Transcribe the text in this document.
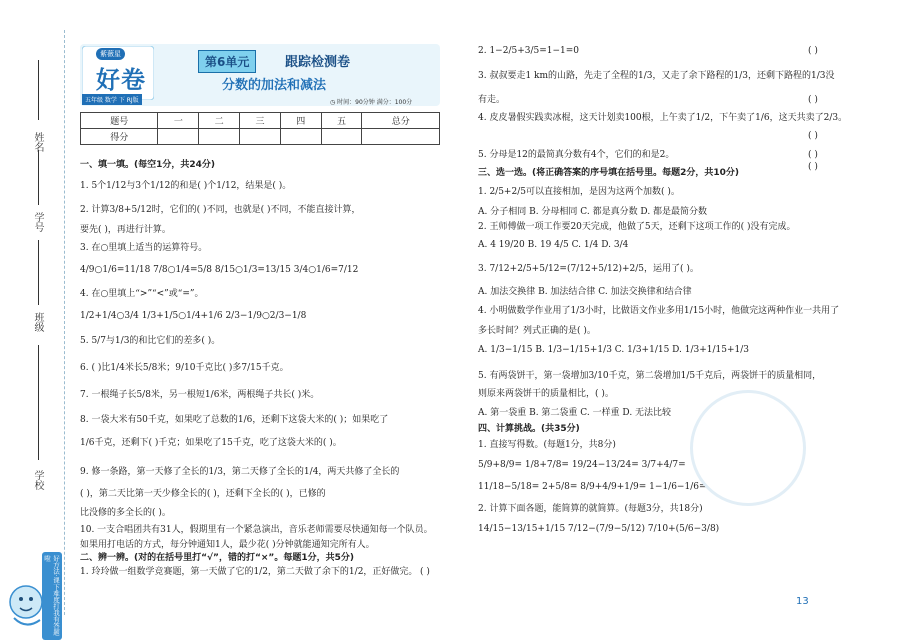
姓名
学号
班级
学校
好方法·课下难度打我有答题啦
紫薇星
好卷
五年级 数学 下 RJ版
第6单元	跟踪检测卷
分数的加法和减法
◷ 时间：90分钟 满分：100分
题号	一	二	三	四	五	总分
得分						
一、填一填。(每空1分，共24分)
1. 5个1/12与3个1/12的和是( )个1/12，结果是( )。
2. 计算3/8+5/12时，它们的( )不同，也就是( )不同，不能直接计算，
要先( )，再进行计算。
3. 在○里填上适当的运算符号。
4/9○1/6=11/18 7/8○1/4=5/8 8/15○1/3=13/15 3/4○1/6=7/12
4. 在○里填上“>”“<”或“=”。
1/2+1/4○3/4 1/3+1/5○1/4+1/6 2/3−1/9○2/3−1/8
5. 5/7与1/3的和比它们的差多( )。
6. ( )比1/4米长5/8米；9/10千克比( )多7/15千克。
7. 一根绳子长5/8米，另一根短1/6米，两根绳子共长( )米。
8. 一袋大米有50千克，如果吃了总数的1/6，还剩下这袋大米的( )；如果吃了
1/6千克，还剩下( )千克；如果吃了15千克，吃了这袋大米的( )。
9. 修一条路，第一天修了全长的1/3，第二天修了全长的1/4，两天共修了全长的
( )，第二天比第一天少修全长的( )，还剩下全长的( )，已修的
比没修的多全长的( )。
10. 一支合唱团共有31人，假期里有一个紧急演出，音乐老师需要尽快通知每一个队员。
如果用打电话的方式，每分钟通知1人，最少花( )分钟就能通知完所有人。
二、辨一辨。(对的在括号里打“√”，错的打“×”。每题1分，共5分)
1. 玲玲做一组数学竞赛题，第一天做了它的1/2，第二天做了余下的1/2，正好做完。 ( )
2. 1−2/5+3/5=1−1=0
3. 叔叔要走1 km的山路，先走了全程的1/3，又走了余下路程的1/3，还剩下路程的1/3没
有走。
4. 皮皮暑假实践卖冰棍，这天计划卖100根，上午卖了1/2，下午卖了1/6，这天共卖了2/3。
5. 分母是12的最简真分数有4个，它们的和是2。
三、选一选。(将正确答案的序号填在括号里。每题2分，共10分)
1. 2/5+2/5可以直接相加，是因为这两个加数( )。
A. 分子相同 B. 分母相同 C. 都是真分数 D. 都是最简分数
2. 王师傅做一项工作要20天完成，他做了5天，还剩下这项工作的( )没有完成。
A. 4 19/20 B. 19 4/5 C. 1/4 D. 3/4
3. 7/12+2/5+5/12=(7/12+5/12)+2/5，运用了( )。
A. 加法交换律 B. 加法结合律 C. 加法交换律和结合律
4. 小明做数学作业用了1/3小时，比做语文作业多用1/15小时，他做完这两种作业一共用了
多长时间？列式正确的是( )。
A. 1/3−1/15 B. 1/3−1/15+1/3 C. 1/3+1/15 D. 1/3+1/15+1/3
5. 有两袋饼干，第一袋增加3/10千克，第二袋增加1/5千克后，两袋饼干的质量相同，
则原来两袋饼干的质量相比，( )。
A. 第一袋重 B. 第二袋重 C. 一样重 D. 无法比较
四、计算挑战。(共35分)
1. 直接写得数。(每题1分，共8分)
5/9+8/9= 1/8+7/8= 19/24−13/24= 3/7+4/7=
11/18−5/18= 2+5/8= 8/9+4/9+1/9= 1−1/6−1/6=
2. 计算下面各题，能简算的就简算。(每题3分，共18分)
14/15−13/15+1/15 7/12−(7/9−5/12) 7/10+(5/6−3/8)
( )
( )
( )
( )
( )
13
